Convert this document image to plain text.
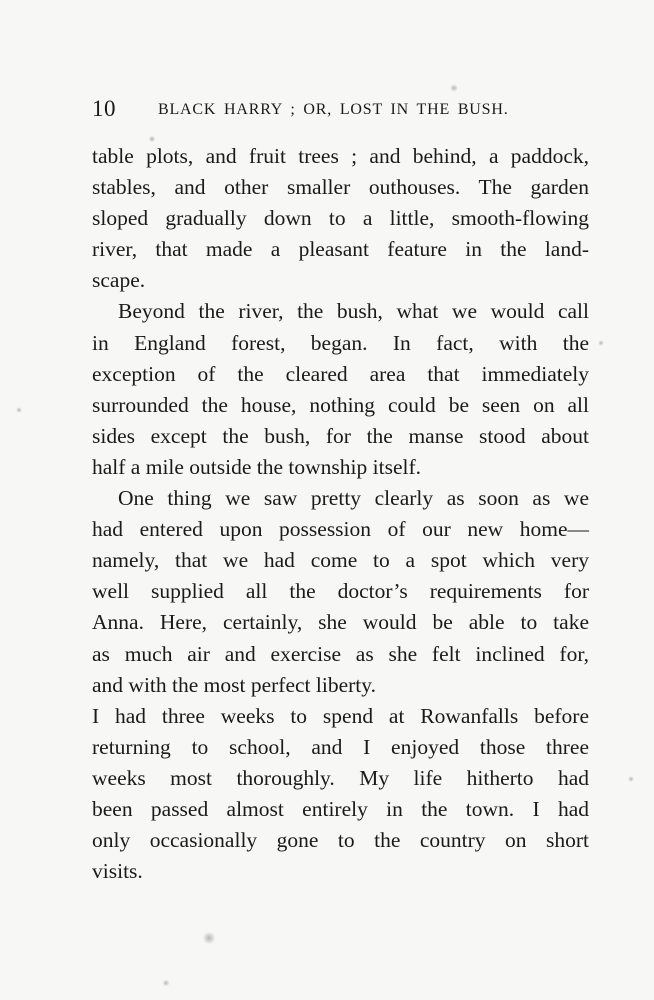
10	BLACK HARRY ; OR, LOST IN THE BUSH.
table plots, and fruit trees ; and behind, a paddock,
stables, and other smaller outhouses. The garden
sloped gradually down to a little, smooth-flowing
river, that made a pleasant feature in the land-
scape.
Beyond the river, the bush, what we would call
in England forest, began. In fact, with the
exception of the cleared area that immediately
surrounded the house, nothing could be seen on all
sides except the bush, for the manse stood about
half a mile outside the township itself.
One thing we saw pretty clearly as soon as we
had entered upon possession of our new home—
namely, that we had come to a spot which very
well supplied all the doctor’s requirements for
Anna. Here, certainly, she would be able to take
as much air and exercise as she felt inclined for,
and with the most perfect liberty.
I had three weeks to spend at Rowanfalls before
returning to school, and I enjoyed those three
weeks most thoroughly. My life hitherto had
been passed almost entirely in the town. I had
only occasionally gone to the country on short
visits.
